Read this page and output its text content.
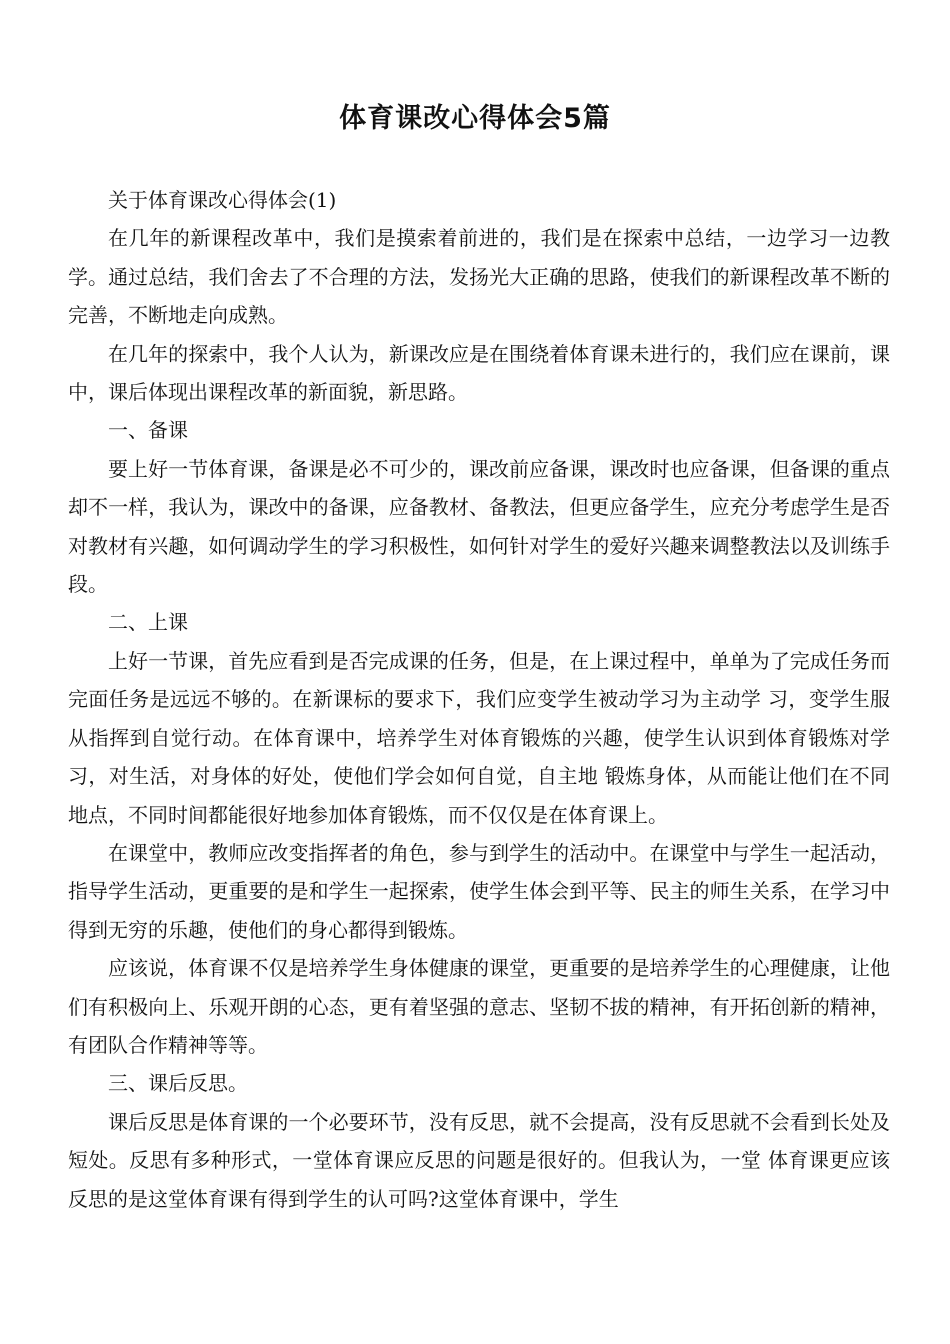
体育课改心得体会5篇

关于体育课改心得体会(1)

在几年的新课程改革中，我们是摸索着前进的，我们是在探索中总结，一边学习一边教学。通过总结，我们舍去了不合理的方法，发扬光大正确的思路，使我们的新课程改革不断的完善，不断地走向成熟。

在几年的探索中，我个人认为，新课改应是在围绕着体育课未进行的，我们应在课前，课中，课后体现出课程改革的新面貌，新思路。

一、备课

要上好一节体育课，备课是必不可少的，课改前应备课，课改时也应备课，但备课的重点却不一样，我认为，课改中的备课，应备教材、备教法，但更应备学生，应充分考虑学生是否对教材有兴趣，如何调动学生的学习积极性，如何针对学生的爱好兴趣来调整教法以及训练手段。

二、上课

上好一节课，首先应看到是否完成课的任务，但是，在上课过程中，单单为了完成任务而完面任务是远远不够的。在新课标的要求下，我们应变学生被动学习为主动学 习，变学生服从指挥到自觉行动。在体育课中，培养学生对体育锻炼的兴趣，使学生认识到体育锻炼对学习，对生活，对身体的好处，使他们学会如何自觉，自主地 锻炼身体，从而能让他们在不同地点，不同时间都能很好地参加体育锻炼，而不仅仅是在体育课上。

在课堂中，教师应改变指挥者的角色，参与到学生的活动中。在课堂中与学生一起活动，指导学生活动，更重要的是和学生一起探索，使学生体会到平等、民主的师生关系，在学习中得到无穷的乐趣，使他们的身心都得到锻炼。

应该说，体育课不仅是培养学生身体健康的课堂，更重要的是培养学生的心理健康，让他们有积极向上、乐观开朗的心态，更有着坚强的意志、坚韧不拔的精神，有开拓创新的精神，有团队合作精神等等。

三、课后反思。

课后反思是体育课的一个必要环节，没有反思，就不会提高，没有反思就不会看到长处及短处。反思有多种形式，一堂体育课应反思的问题是很好的。但我认为，一堂 体育课更应该反思的是这堂体育课有得到学生的认可吗?这堂体育课中，学生
